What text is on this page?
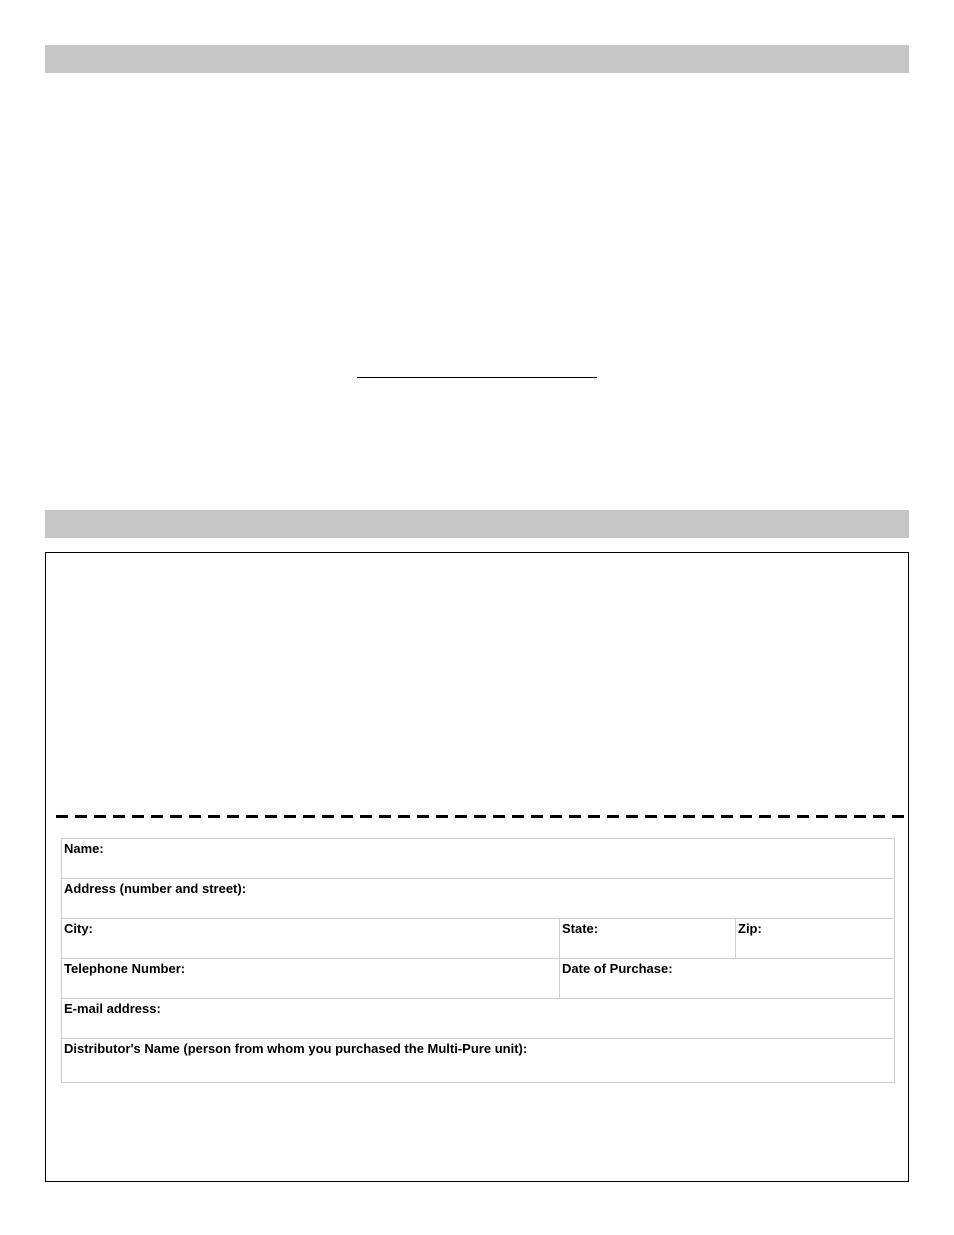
Name:		
Address (number and street):		
City:	State:	Zip:
Telephone Number:	Date of Purchase:	
E-mail address:		
Distributor's Name (person from whom you purchased the Multi-Pure unit):		
